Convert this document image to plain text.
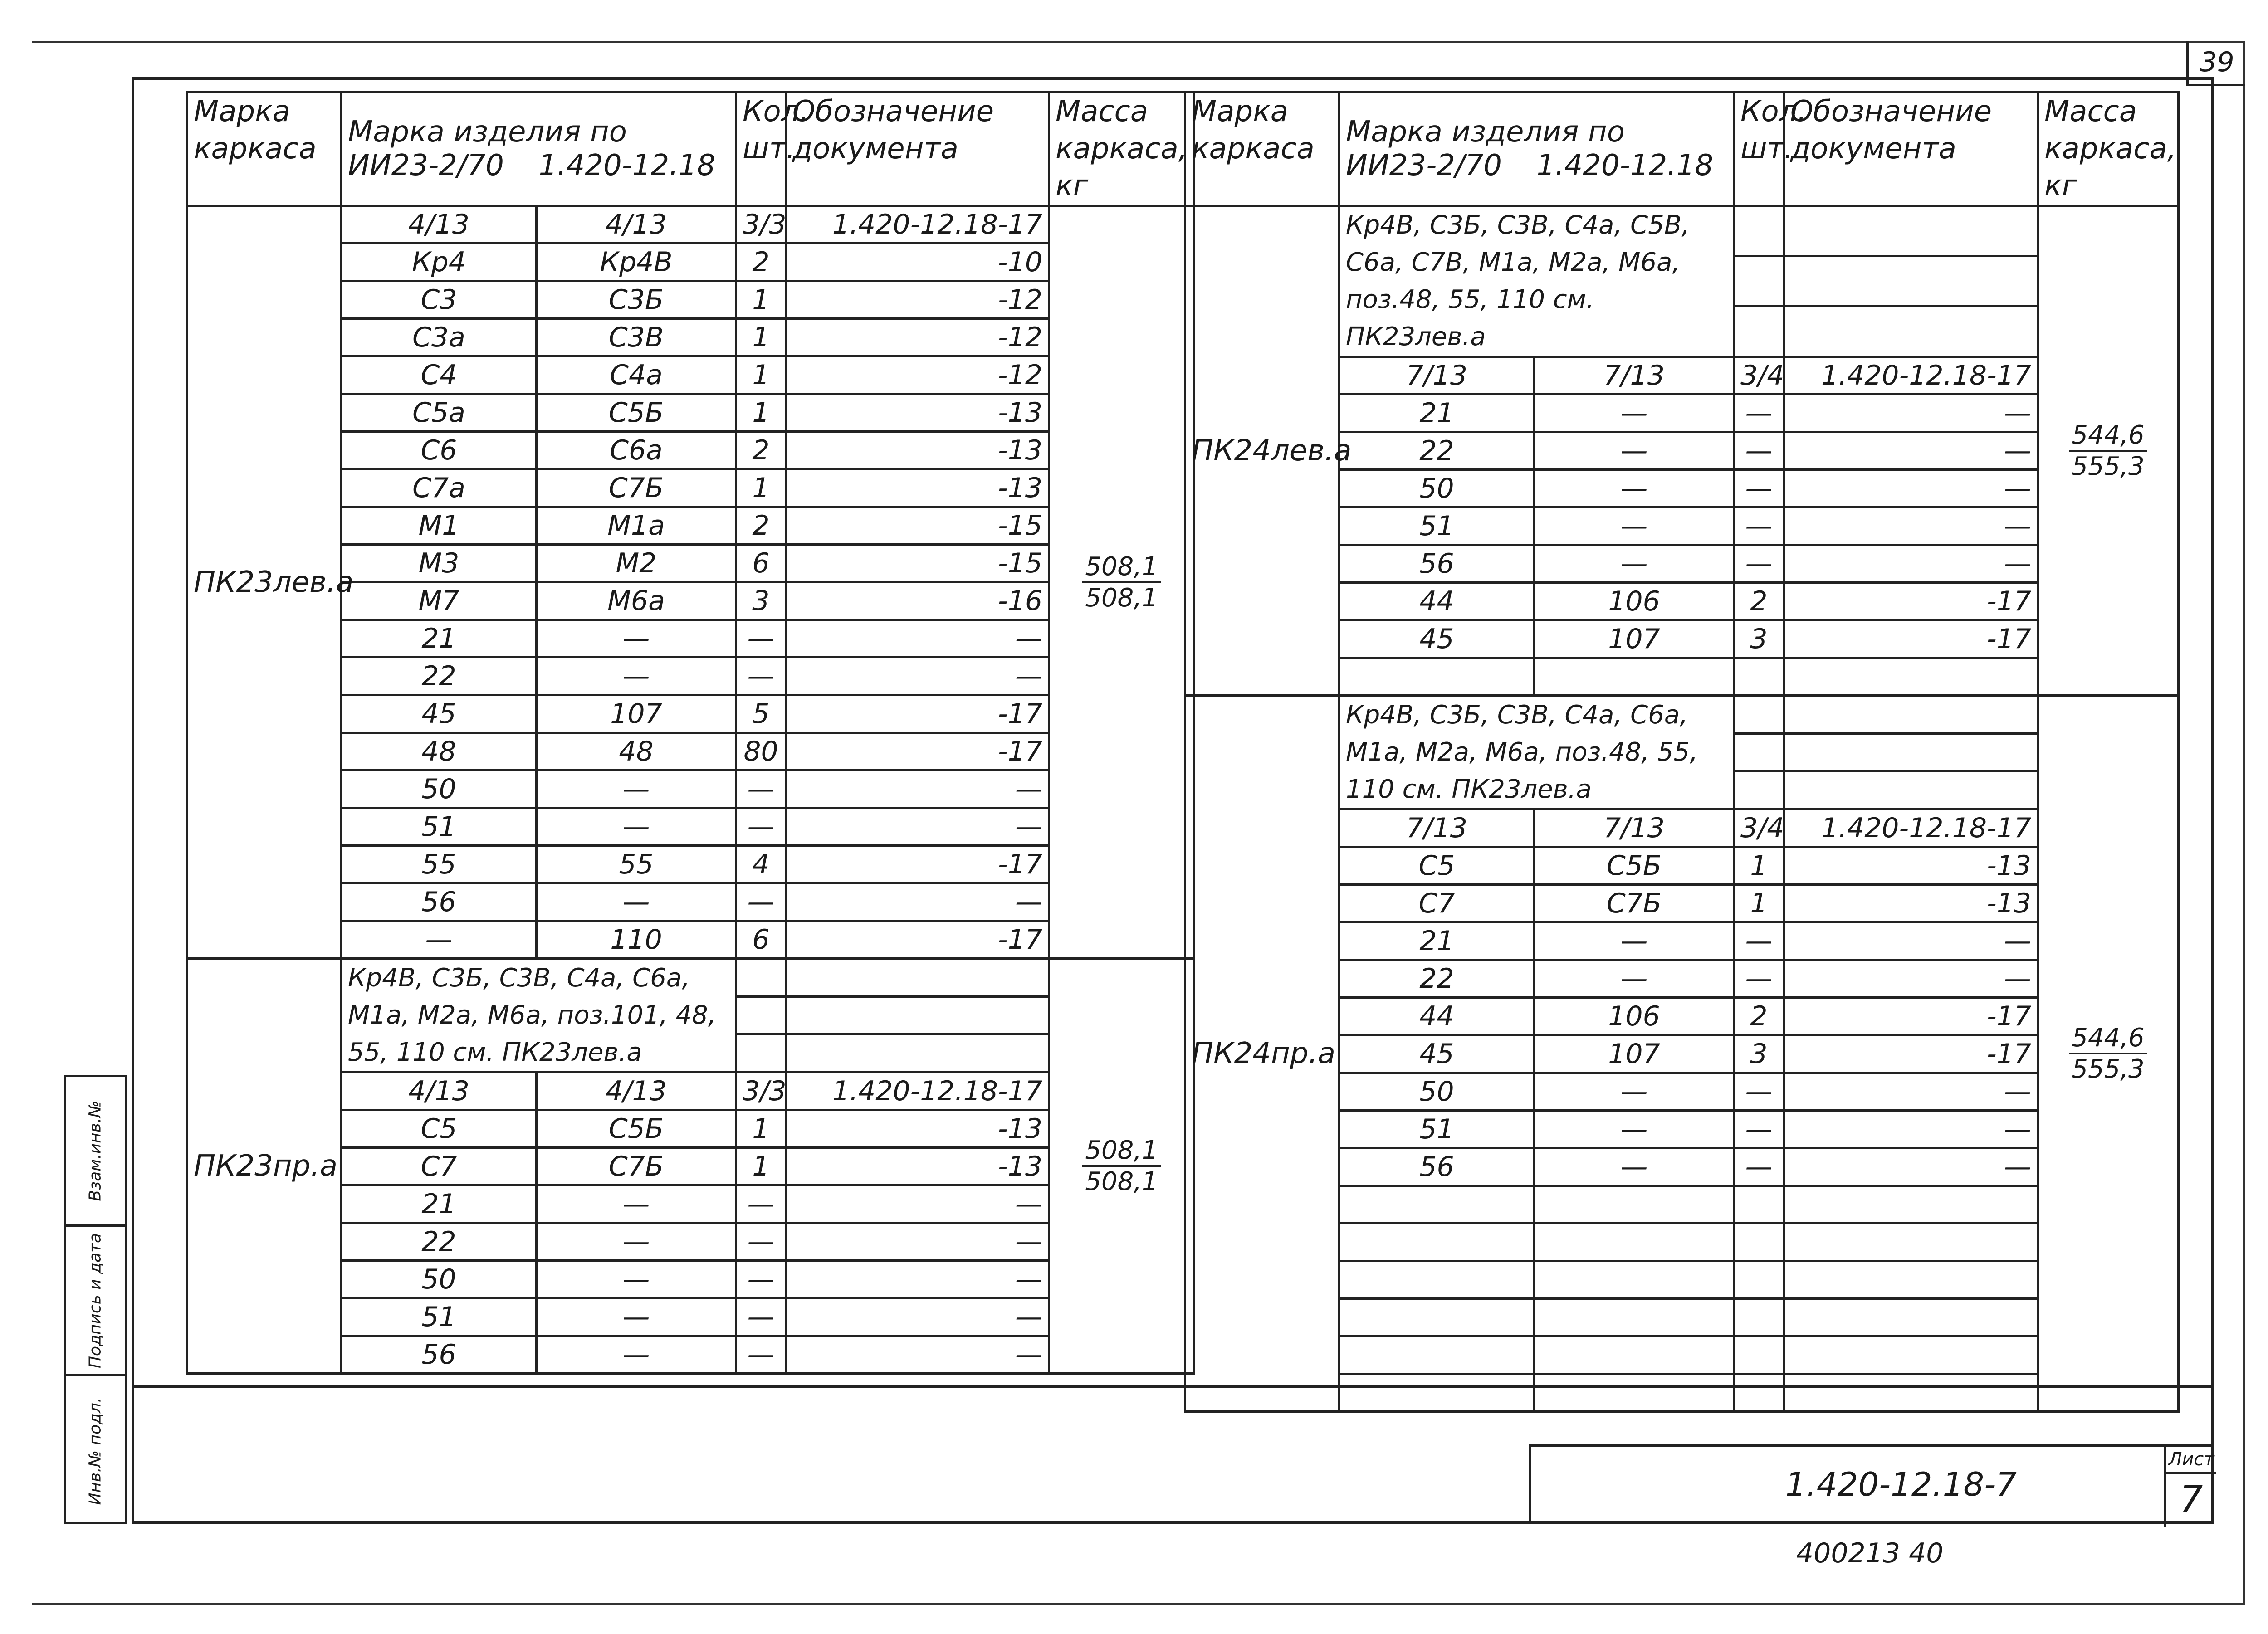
39
Марка каркаса	Марка изделия по
ИИ23-2/70 1.420-12.18		Кол. шт.	Обозначение документа	Масса каркаса, кг
ПК23лев.а	4/13	4/13	3/3	1.420-12.18-17	508,1

508,1

	Кр4	Кр4В	2	-10	
	С3	С3Б	1	-12	
	С3а	С3В	1	-12	
	С4	С4а	1	-12	
	С5а	С5Б	1	-13	
	С6	С6а	2	-13	
	С7а	С7Б	1	-13	
	М1	М1а	2	-15	
	М3	М2	6	-15	
	М7	М6а	3	-16	
	21	—	—	—	
	22	—	—	—	
	45	107	5	-17	
	48	48	80	-17	
	50	—	—	—	
	51	—	—	—	
	55	55	4	-17	
	56	—	—	—	
	—	110	6	-17	
ПК23пр.а	Кр4В, С3Б, С3В, С4а, С6а, М1а, М2а, М6а, поз.101, 48, 55, 110 см. ПК23лев.а				508,1

508,1

	4/13	4/13	3/3	1.420-12.18-17	
	С5	С5Б	1	-13	
	С7	С7Б	1	-13	
	21	—	—	—	
	22	—	—	—	
	50	—	—	—	
	51	—	—	—	
	56	—	—	—	
Марка каркаса	Марка изделия по
ИИ23-2/70 1.420-12.18		Кол. шт.	Обозначение документа	Масса каркаса, кг
ПК24лев.а	Кр4В, С3Б, С3В, С4а, С5В, С6а, С7В, М1а, М2а, М6а, поз.48, 55, 110 см. ПК23лев.а				544,6

555,3

	7/13	7/13	3/4	1.420-12.18-17	
	21	—	—	—	
	22	—	—	—	
	50	—	—	—	
	51	—	—	—	
	56	—	—	—	
	44	106	2	-17	
	45	107	3	-17	

ПК24пр.а	Кр4В, С3Б, С3В, С4а, С6а, М1а, М2а, М6а, поз.48, 55, 110 см. ПК23лев.а				544,6

555,3

	7/13	7/13	3/4	1.420-12.18-17	
	С5	С5Б	1	-13	
	С7	С7Б	1	-13	
	21	—	—	—	
	22	—	—	—	
	44	106	2	-17	
	45	107	3	-17	
	50	—	—	—	
	51	—	—	—	
	56	—	—	—	

Взам.инв.№
Подпись и дата
Инв.№ подл.	1.420-12.18-7
Лист
7
400213 40
